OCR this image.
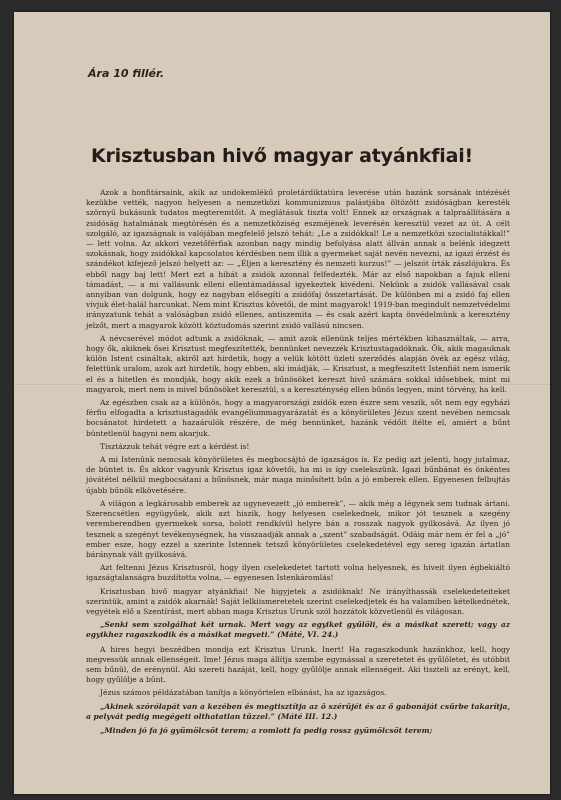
Ára 10 fillér.
Krisztusban hivő magyar atyánkfiai!

Azok a honfitársaink, akik az undokemlékű proletárdiktatúra leverése után bazánk sorsának intézését kezükbe vették, nagyon helyesen a nemzetközi kommunizmus palástjába öltözött zsidóságban keresték szörnyű bukásunk tudatos megteremtőit. A meglátásuk tiszta volt! Ennek az országnak a talpraállítására a zsidóság hatalmának megtörésén és a nemzetköziség eszméjének leverésén keresztül vezet az út. A célt szolgáló, az igazságnak is valójában megfelelő jelszó tehát: „Le a zsidókkal! Le a nemzetközi szocialistákkal!” — lett volna. Az akkori vezetőférfiak azonban nagy mindig befolyása alatt állván annak a belénk idegzett szokásnak, hogy zsidókkal kapcsolatos kérdésben nem illik a gyermeket saját nevén nevezni, az igazi érzést és szándékot kifejező jelszó helyett az: — „Éljen a keresztény és nemzeti kurzus!” — jelszót írták zászlójukra. És ebből nagy baj lett! Mert ezt a hibát a zsidók azonnal felfedezték. Már az első napokban a fajuk elleni támadást, — a mi vallásunk elleni ellentámadással igyekeztek kivédeni. Nekünk a zsidók vallásával csak annyiban van dolgunk, hogy ez nagyban elősegíti a zsidófaj összetartását. De különben mi a zsidó faj ellen vívjuk élet-halál harcunkat. Nem mint Krisztus követői, de mint magyarok! 1919-ban megindult nemzetvédelmi irányzatunk tehát a valóságban zsidó ellenes, antiszemita — és csak azért kapta önvédelmünk a keresztény jelzőt, mert a magyarok között köztudomás szerint zsidó vallású nincsen.

A névcserével módot adtunk a zsidóknak, — amit azok ellenünk teljes mértékben kihasználtak, — arra, hogy ők, akiknek ősei Krisztust megfeszítették, bennünket nevezzék Krisztustagadóknak. Ők, akik magauknak külön Istent csináltak, akiről azt hirdetik, hogy a velük kötött üzleti szerződés alapján övék az egész világ, felettünk uralom, azok azt hirdetik, hogy ebben, aki imádják, — Krisztust, a megfeszített Istenfiát nem ismerik el és a hitetlen és mondják, hogy akik ezek a bűnösöket kereszt hivő számára sokkal idősebbek, mint mi magyarok, mert nem is mivel bűnösöket keresztül, s a kereszténység ellen bűnös legyen, mint törvény, ha kell.

Az egészben csak az a különös, hogy a magyarországi zsidók ezen észre sem veszik, sőt nem egy egyházi férfiu elfogadta a krisztustagadók evangéliummagyarázatát és a könyörületes Jézus szent nevében nemcsak bocsánatot hirdetett a hazaárulók részére, de még bennünket, hazánk védőit ítélte el, amiért a bűnt büntetlenül hagyni nem akarjuk.

Tisztázzuk tehát végre ezt a kérdést is!

A mi Istenünk nemcsak könyörületes és megbocsájtó de igazságos is. Ez pedig azt jelenti, hogy jutalmaz, de büntet is. És akkor vagyunk Krisztus igaz követői, ha mi is így cselekszünk. Igazi bűnbánat és önkéntes jóvátétel nélkül megbocsátani a bűnösnek, már maga minősített bűn a jó emberek ellen. Egyenesen felbujtás újabb bűnök elkövetésére.

A világon a legkárosabb emberek az ugynevezett „jó emberek”, — akik még a légynek sem tudnak ártani. Szerencsétlen együgyűek, akik azt hiszik, hogy helyesen cselekednek, mikor jót tesznek a szegény veremberendben gyermekek sorsa, holott rendkívül helyre bán a rosszak nagyok gyilkosává. Az ilyen jó tesznek a szegényt tevékenységnek, ha visszaadják annak a „szent” szabadságát. Odáig már nem ér fel a „jó” ember esze, hogy ezzel a szerinte Istennek tetsző könyörületes cselekedetével egy sereg igazán ártatlan báránynak vált gyilkosává.

Azt feltenni Jézus Krisztusról, hogy ilyen cselekedetet tartott volna helyesnek, és hiveit ilyen égbekiáltó igazságtalanságra buzdította volna, — egyenesen Istenkáromlás!

Krisztusban hivő magyar atyánkfiai! Ne higyjetek a zsidóknak! Ne irányíthassák cselekedeteiteket szerintük, amint a zsidók akarnák! Saját lelkiismeretetek szerint cselekedjetek és ha valamiben kételkednétek, vegyétek elő a Szentírást, mert abban maga Krisztus Urunk szól hozzátok közvetlenül és világosan.

„Senki sem szolgálhat két urnak. Mert vagy az egyiket gyűlöli, és a másikat szereti; vagy az egyikhez ragaszkodik és a másikat megveti.” (Máté, VI. 24.)

A hires hegyi beszédben mondja ezt Krisztus Urunk. Inert! Ha ragaszkodunk hazánkhoz, kell, hogy megvessük annak ellenségeit. Ime! Jézus maga állítja szembe egymással a szeretetet és gyűlöletet, és utóbbit sem bűnül, de erénynül. Aki szereti hazáját, kell, hogy gyűlölje annak ellenségeit. Aki tiszteli az erényt, kell, hogy gyűlölje a bűnt.

Jézus számos példázatában tanítja a könyörtelen elbánást, ha az igazságos.

„Akinek szórólapát van a kezében és megtisztítja az ő szérűjét és az ő gabonáját csűrbe takarítja, a pelyvát pedig megégeti olthatatlan tűzzel.” (Máté III. 12.)

„Minden jó fa jó gyümölcsöt terem; a romlott fa pedig rossz gyümölcsöt terem;
